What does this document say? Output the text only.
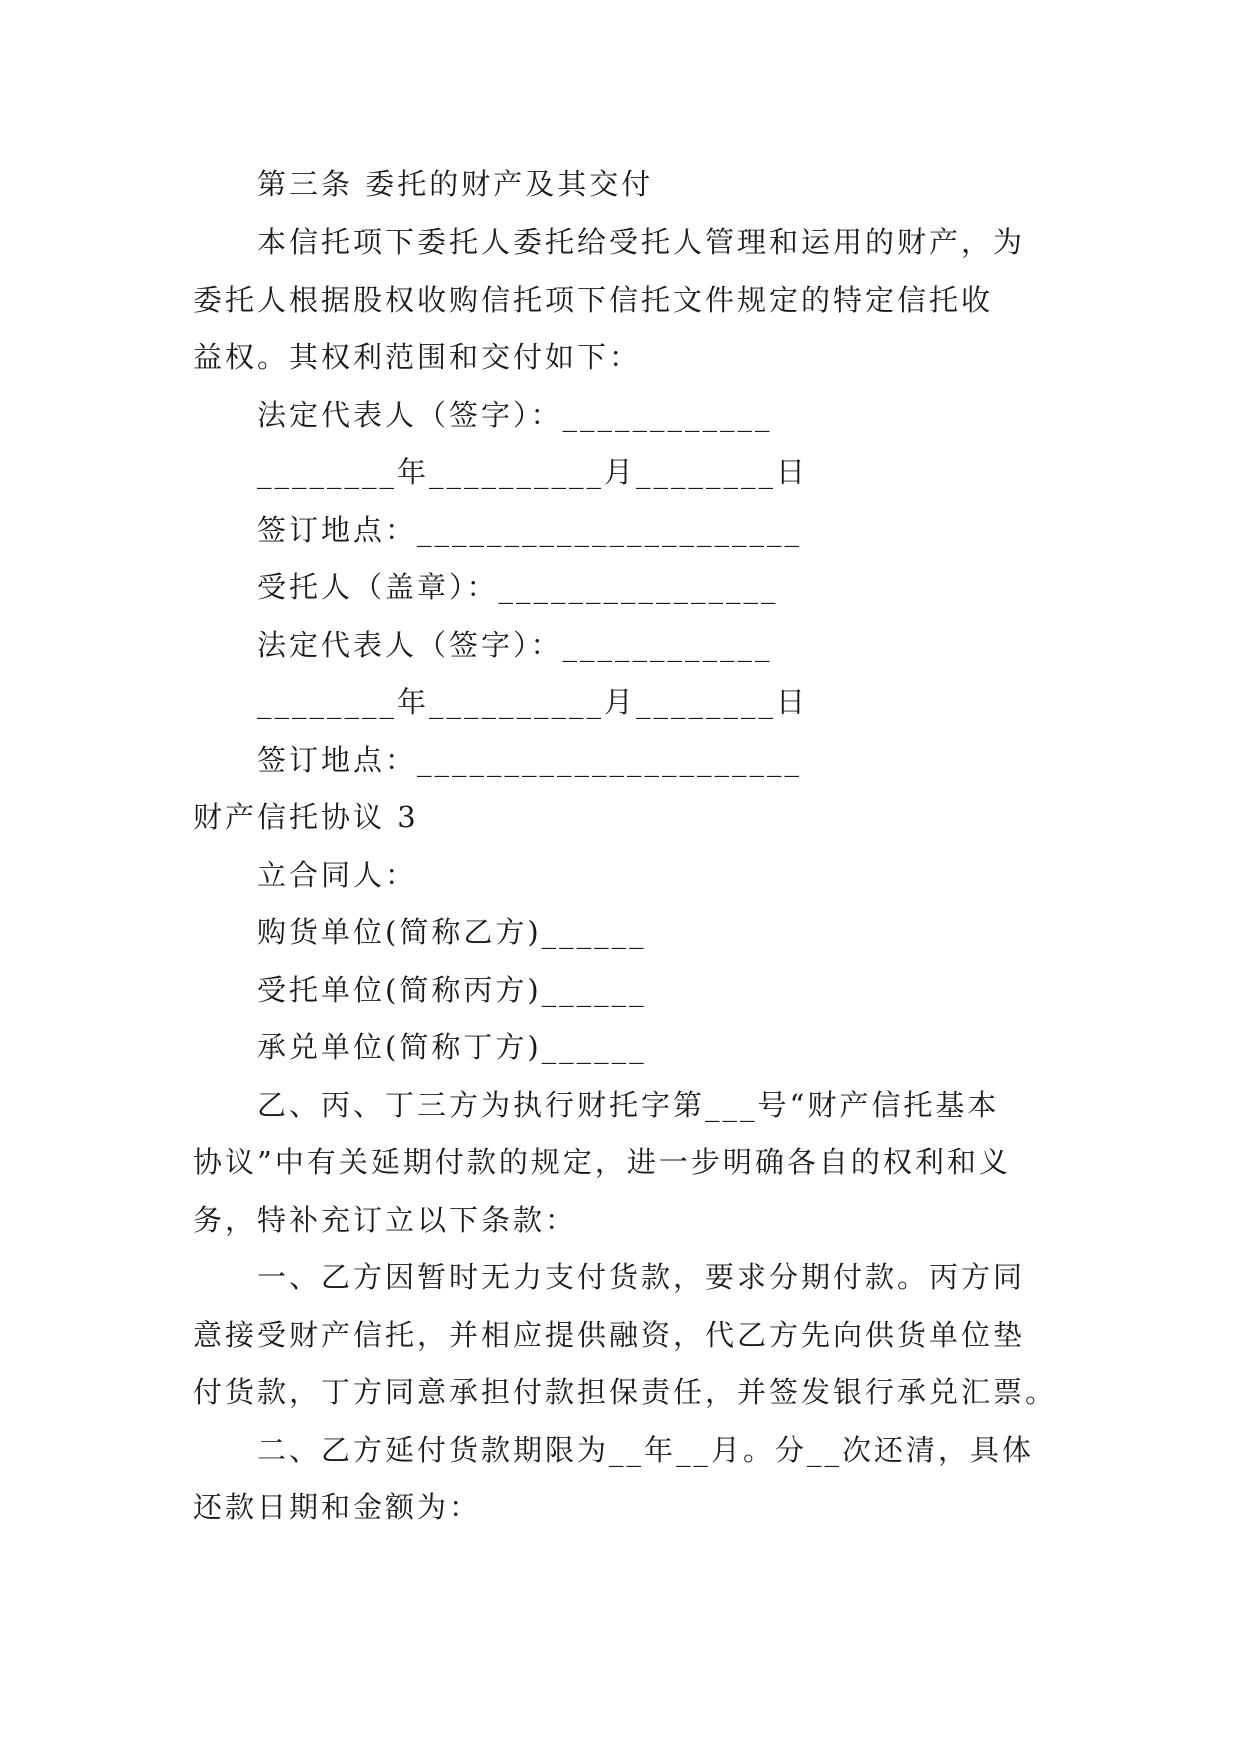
第三条 委托的财产及其交付
本信托项下委托人委托给受托人管理和运用的财产，为
委托人根据股权收购信托项下信托文件规定的特定信托收
益权。其权利范围和交付如下：
法定代表人（签字）：____________
________年__________月________日
签订地点：______________________
受托人（盖章）：________________
法定代表人（签字）：____________
________年__________月________日
签订地点：______________________
财产信托协议 3
立合同人：
购货单位(简称乙方)______
受托单位(简称丙方)______
承兑单位(简称丁方)______
乙、丙、丁三方为执行财托字第___号“财产信托基本
协议”中有关延期付款的规定，进一步明确各自的权利和义
务，特补充订立以下条款：
一、乙方因暂时无力支付货款，要求分期付款。丙方同
意接受财产信托，并相应提供融资，代乙方先向供货单位垫
付货款，丁方同意承担付款担保责任，并签发银行承兑汇票。
二、乙方延付货款期限为__年__月。分__次还清，具体
还款日期和金额为：
